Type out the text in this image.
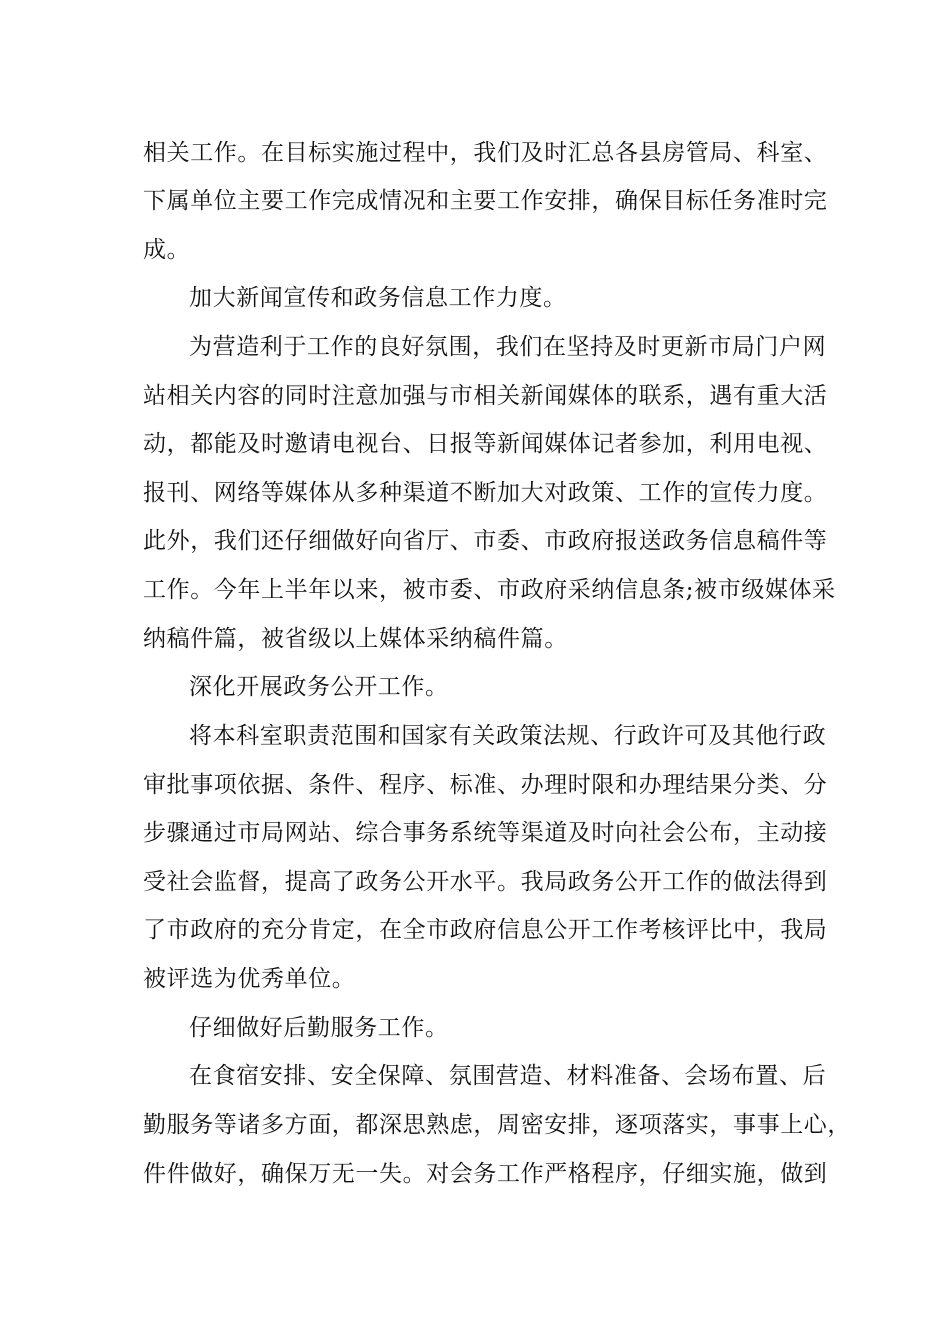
相关工作。在目标实施过程中，我们及时汇总各县房管局、科室、
下属单位主要工作完成情况和主要工作安排，确保目标任务准时完
成。
加大新闻宣传和政务信息工作力度。
为营造利于工作的良好氛围，我们在坚持及时更新市局门户网
站相关内容的同时注意加强与市相关新闻媒体的联系，遇有重大活
动，都能及时邀请电视台、日报等新闻媒体记者参加，利用电视、
报刊、网络等媒体从多种渠道不断加大对政策、工作的宣传力度。
此外，我们还仔细做好向省厅、市委、市政府报送政务信息稿件等
工作。今年上半年以来，被市委、市政府采纳信息条;被市级媒体采
纳稿件篇，被省级以上媒体采纳稿件篇。
深化开展政务公开工作。
将本科室职责范围和国家有关政策法规、行政许可及其他行政
审批事项依据、条件、程序、标准、办理时限和办理结果分类、分
步骤通过市局网站、综合事务系统等渠道及时向社会公布，主动接
受社会监督，提高了政务公开水平。我局政务公开工作的做法得到
了市政府的充分肯定，在全市政府信息公开工作考核评比中，我局
被评选为优秀单位。
仔细做好后勤服务工作。
在食宿安排、安全保障、氛围营造、材料准备、会场布置、后
勤服务等诸多方面，都深思熟虑，周密安排，逐项落实，事事上心，
件件做好，确保万无一失。对会务工作严格程序，仔细实施，做到
